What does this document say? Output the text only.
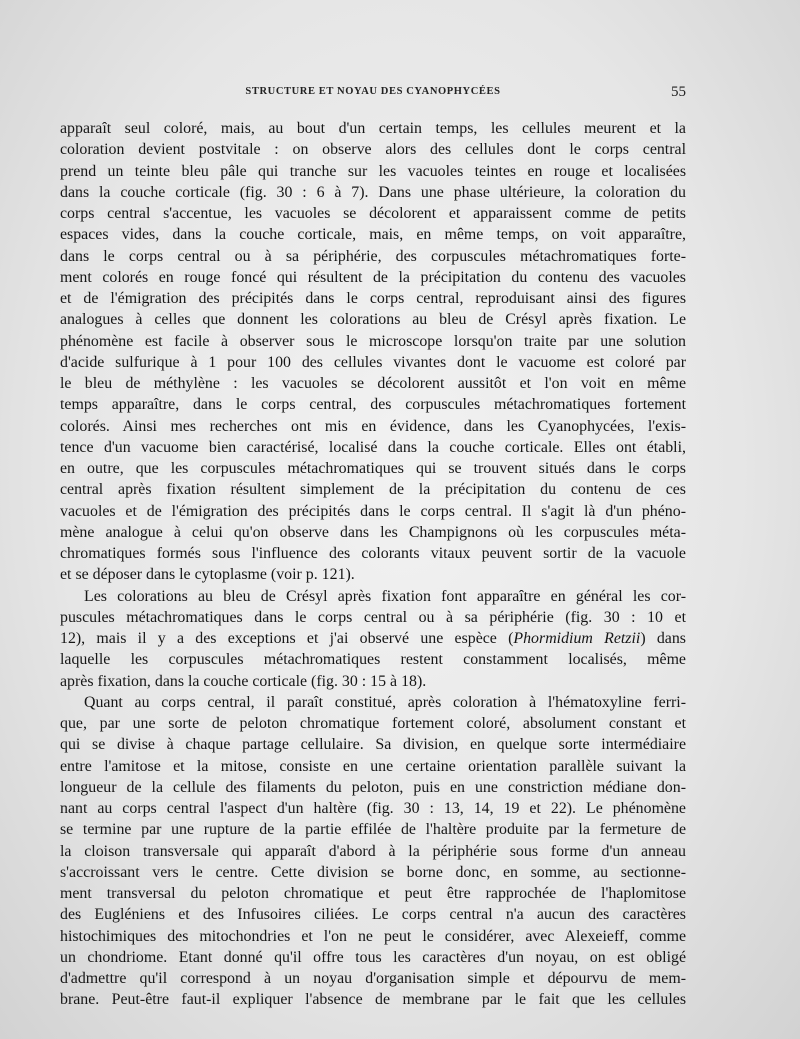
STRUCTURE ET NOYAU DES CYANOPHYCÉES	55
apparaît seul coloré, mais, au bout d'un certain temps, les cellules meurent et la
coloration devient postvitale : on observe alors des cellules dont le corps central
prend un teinte bleu pâle qui tranche sur les vacuoles teintes en rouge et localisées
dans la couche corticale (fig. 30 : 6 à 7). Dans une phase ultérieure, la coloration du
corps central s'accentue, les vacuoles se décolorent et apparaissent comme de petits
espaces vides, dans la couche corticale, mais, en même temps, on voit apparaître,
dans le corps central ou à sa périphérie, des corpuscules métachromatiques forte-
ment colorés en rouge foncé qui résultent de la précipitation du contenu des vacuoles
et de l'émigration des précipités dans le corps central, reproduisant ainsi des figures
analogues à celles que donnent les colorations au bleu de Crésyl après fixation. Le
phénomène est facile à observer sous le microscope lorsqu'on traite par une solution
d'acide sulfurique à 1 pour 100 des cellules vivantes dont le vacuome est coloré par
le bleu de méthylène : les vacuoles se décolorent aussitôt et l'on voit en même
temps apparaître, dans le corps central, des corpuscules métachromatiques fortement
colorés. Ainsi mes recherches ont mis en évidence, dans les Cyanophycées, l'exis-
tence d'un vacuome bien caractérisé, localisé dans la couche corticale. Elles ont établi,
en outre, que les corpuscules métachromatiques qui se trouvent situés dans le corps
central après fixation résultent simplement de la précipitation du contenu de ces
vacuoles et de l'émigration des précipités dans le corps central. Il s'agit là d'un phéno-
mène analogue à celui qu'on observe dans les Champignons où les corpuscules méta-
chromatiques formés sous l'influence des colorants vitaux peuvent sortir de la vacuole
et se déposer dans le cytoplasme (voir p. 121).
Les colorations au bleu de Crésyl après fixation font apparaître en général les cor-
puscules métachromatiques dans le corps central ou à sa périphérie (fig. 30 : 10 et
12), mais il y a des exceptions et j'ai observé une espèce (Phormidium Retzii) dans
laquelle les corpuscules métachromatiques restent constamment localisés, même
après fixation, dans la couche corticale (fig. 30 : 15 à 18).
Quant au corps central, il paraît constitué, après coloration à l'hématoxyline ferri-
que, par une sorte de peloton chromatique fortement coloré, absolument constant et
qui se divise à chaque partage cellulaire. Sa division, en quelque sorte intermédiaire
entre l'amitose et la mitose, consiste en une certaine orientation parallèle suivant la
longueur de la cellule des filaments du peloton, puis en une constriction médiane don-
nant au corps central l'aspect d'un haltère (fig. 30 : 13, 14, 19 et 22). Le phénomène
se termine par une rupture de la partie effilée de l'haltère produite par la fermeture de
la cloison transversale qui apparaît d'abord à la périphérie sous forme d'un anneau
s'accroissant vers le centre. Cette division se borne donc, en somme, au sectionne-
ment transversal du peloton chromatique et peut être rapprochée de l'haplomitose
des Eugléniens et des Infusoires ciliées. Le corps central n'a aucun des caractères
histochimiques des mitochondries et l'on ne peut le considérer, avec Alexeieff, comme
un chondriome. Etant donné qu'il offre tous les caractères d'un noyau, on est obligé
d'admettre qu'il correspond à un noyau d'organisation simple et dépourvu de mem-
brane. Peut-être faut-il expliquer l'absence de membrane par le fait que les cellules
